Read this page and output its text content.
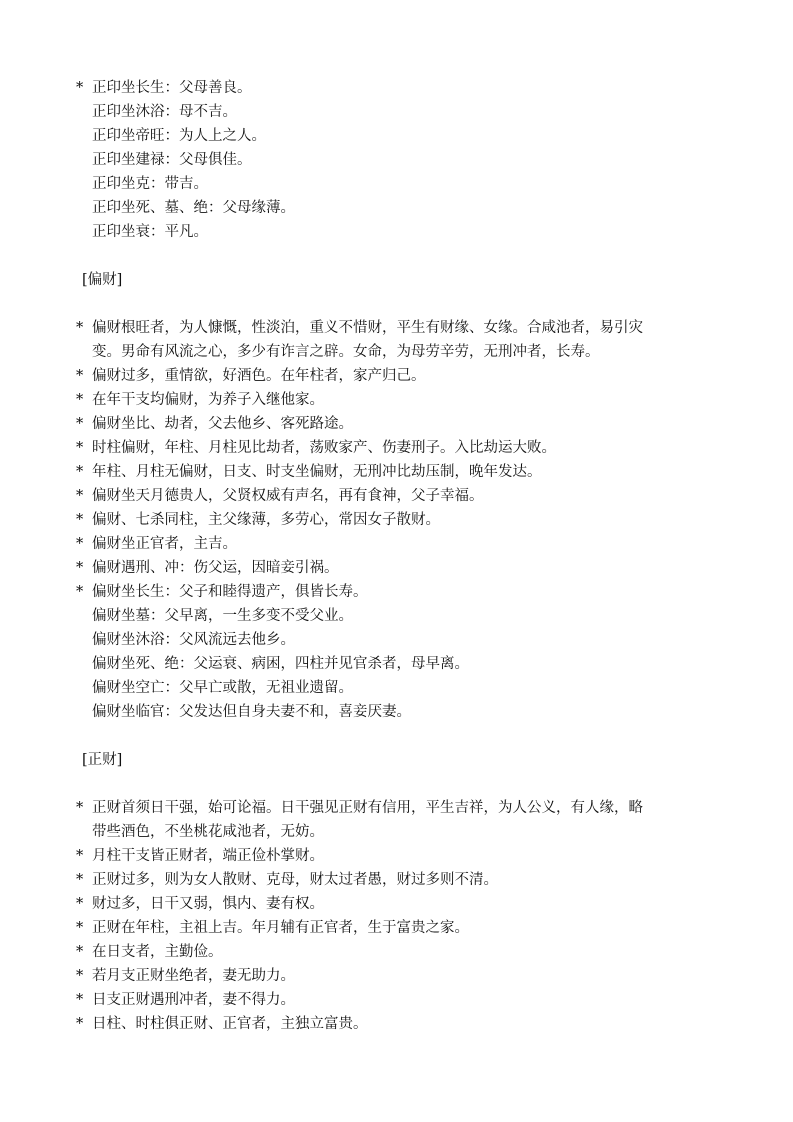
* 正印坐长生：父母善良。
正印坐沐浴：母不吉。
正印坐帝旺：为人上之人。
正印坐建禄：父母俱佳。
正印坐克：带吉。
正印坐死、墓、绝：父母缘薄。
正印坐衰：平凡。
[偏财]
* 偏财根旺者，为人慷慨，性淡泊，重义不惜财，平生有财缘、女缘。合咸池者，易引灾
变。男命有风流之心，多少有诈言之辟。女命，为母劳辛劳，无刑冲者，长寿。
* 偏财过多，重情欲，好酒色。在年柱者，家产归己。
* 在年干支均偏财，为养子入继他家。
* 偏财坐比、劫者，父去他乡、客死路途。
* 时柱偏财，年柱、月柱见比劫者，荡败家产、伤妻刑子。入比劫运大败。
* 年柱、月柱无偏财，日支、时支坐偏财，无刑冲比劫压制，晚年发达。
* 偏财坐天月德贵人，父贤权威有声名，再有食神，父子幸福。
* 偏财、七杀同柱，主父缘薄，多劳心，常因女子散财。
* 偏财坐正官者，主吉。
* 偏财遇刑、冲：伤父运，因暗妾引祸。
* 偏财坐长生：父子和睦得遗产，俱皆长寿。
偏财坐墓：父早离，一生多变不受父业。
偏财坐沐浴：父风流远去他乡。
偏财坐死、绝：父运衰、病困，四柱并见官杀者，母早离。
偏财坐空亡：父早亡或散，无祖业遗留。
偏财坐临官：父发达但自身夫妻不和，喜妾厌妻。
[正财]
* 正财首须日干强，始可论福。日干强见正财有信用，平生吉祥，为人公义，有人缘，略
带些酒色，不坐桃花咸池者，无妨。
* 月柱干支皆正财者，端正俭朴掌财。
* 正财过多，则为女人散财、克母，财太过者愚，财过多则不清。
* 财过多，日干又弱，惧内、妻有权。
* 正财在年柱，主祖上吉。年月辅有正官者，生于富贵之家。
* 在日支者，主勤俭。
* 若月支正财坐绝者，妻无助力。
* 日支正财遇刑冲者，妻不得力。
* 日柱、时柱俱正财、正官者，主独立富贵。
